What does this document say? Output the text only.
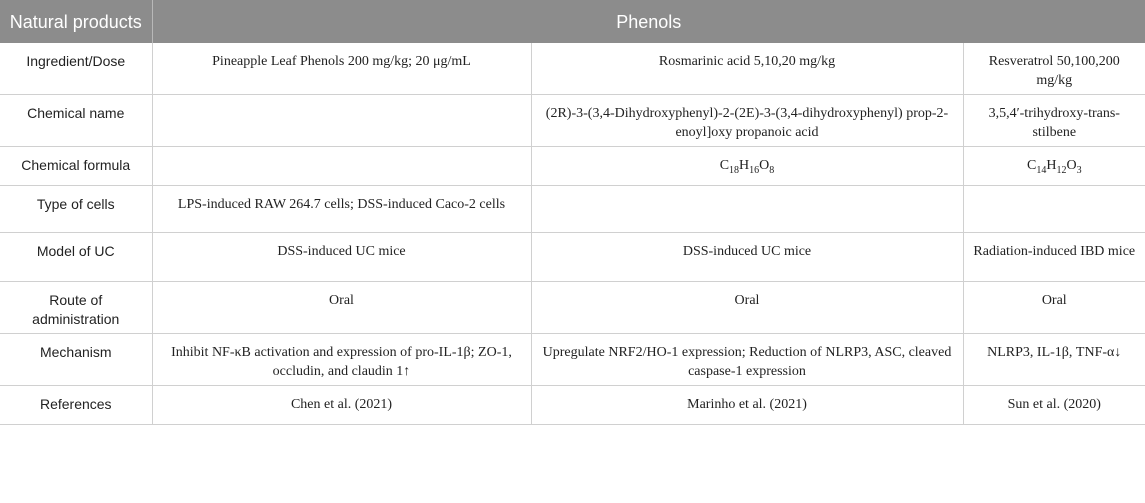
Natural products	Phenols		
Ingredient/Dose	Pineapple Leaf Phenols 200 mg/kg; 20 μg/mL	Rosmarinic acid 5,10,20 mg/kg	Resveratrol 50,100,200 mg/kg
Chemical name		(2R)-3-(3,4-Dihydroxyphenyl)-2-(2E)-3-(3,4-dihydroxyphenyl) prop-2-enoyl]oxy propanoic acid	3,5,4′-trihydroxy-trans-stilbene
Chemical formula		$C_{18}H_{16}O_8$	$C_{14}H_{12}O_3$
Type of cells	LPS-induced RAW 264.7 cells; DSS-induced Caco-2 cells		
Model of UC	DSS-induced UC mice	DSS-induced UC mice	Radiation-induced IBD mice
Route of administration	Oral	Oral	Oral
Mechanism	Inhibit NF-κB activation and expression of pro-IL-1β; ZO-1, occludin, and claudin 1↑	Upregulate NRF2/HO-1 expression; Reduction of NLRP3, ASC, cleaved caspase-1 expression	NLRP3, IL-1β, TNF-α↓
References	Chen et al. (2021)	Marinho et al. (2021)	Sun et al. (2020)
